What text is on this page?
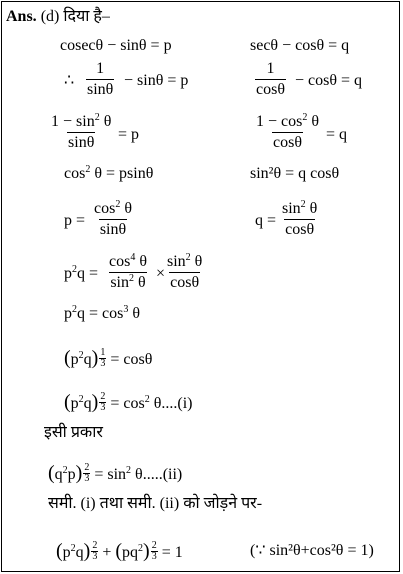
Ans. (d) दिया है–
cosecθ − sinθ = p	secθ − cosθ = q
∴ $\frac{1}{\sin\theta} - \sin\theta = p$	$\frac{1}{\cos\theta} - \cos\theta = q$
$\frac{1 - \sin^2 \theta}{\sin\theta} = p$	$\frac{1 - \cos^2 \theta}{\cos\theta} = q$
$\cos^2 \theta = psin\theta$	sin²θ = q cosθ
$p = \frac{\cos^2 \theta}{\sin\theta}$	$q = \frac{\sin^2 \theta}{\cos\theta}$
$p^2q = \frac{\cos^4 \theta}{\sin^2 \theta} \times \frac{\sin^2 \theta}{\cos\theta}$
$p^2q = \cos^3 \theta$
$(p^2q) \frac{1}{3} = \cos\theta$
$(p^2q) \frac{2}{3} = \cos^2 \theta....(i)$
इसी प्रकार
$(q^2p) \frac{2}{3} = \sin^2 \theta.....(ii)$
समी. (i) तथा समी. (ii) को जोड़ने पर-
$(p^2q) \frac{2}{3} + (pq^2) \frac{2}{3} = 1$	(∵ sin²θ+cos²θ = 1)
